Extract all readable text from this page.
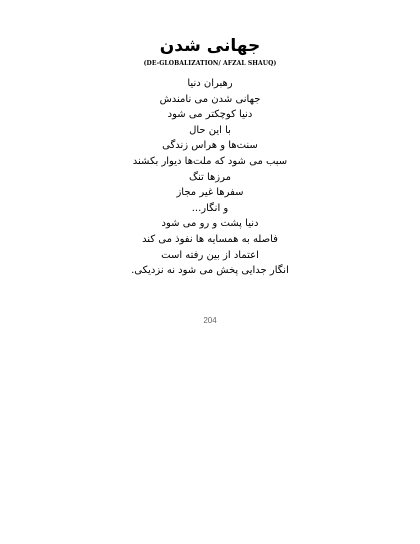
جهانی شدن
(DE-GLOBALIZATION/ AFZAL SHAUQ)
رهبران دنیا
جهانی شدن می نامندش
دنیا کوچکتر می شود
با این حال
سنت‌ها و هراس زندگی
سبب می شود که ملت‌ها دیوار بکشند
مرزها تنگ
سفرها غیر مجاز
و انگار...
دنیا پشت و رو می شود
فاصله به همسایه ها نفوذ می کند
اعتماد از بین رفته است
انگار جدایی پخش می شود نه نزدیکی.
204
